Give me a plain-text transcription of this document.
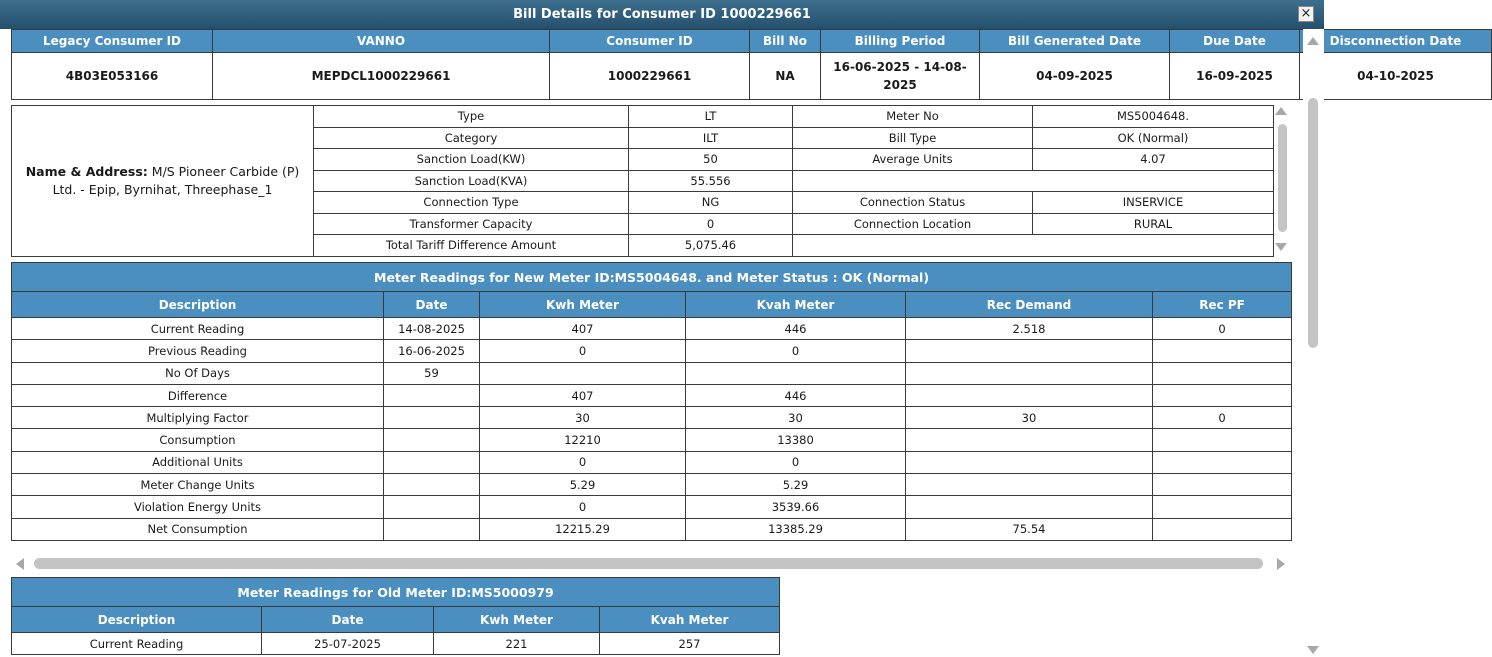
Bill Details for Consumer ID 1000229661	×
Legacy Consumer ID	VANNO	Consumer ID	Bill No	Billing Period	Bill Generated Date	Due Date	Disconnection Date
4B03E053166	MEPDCL1000229661	1000229661	NA	16-06-2025 - 14-08-2025	04-09-2025	16-09-2025	04-10-2025
Name & Address: M/S Pioneer Carbide (P) Ltd. - Epip, Byrnihat, Threephase_1	Type	LT	Meter No	MS5004648.
	Category	ILT	Bill Type	OK (Normal)
	Sanction Load(KW)	50	Average Units	4.07
	Sanction Load(KVA)	55.556		
	Connection Type	NG	Connection Status	INSERVICE
	Transformer Capacity	0	Connection Location	RURAL
	Total Tariff Difference Amount	5,075.46		
Meter Readings for New Meter ID:MS5004648. and Meter Status : OK (Normal)					
Description	Date	Kwh Meter	Kvah Meter	Rec Demand	Rec PF
Current Reading	14-08-2025	407	446	2.518	0
Previous Reading	16-06-2025	0	0		
No Of Days	59				
Difference		407	446		
Multiplying Factor		30	30	30	0
Consumption		12210	13380		
Additional Units		0	0		
Meter Change Units		5.29	5.29		
Violation Energy Units		0	3539.66		
Net Consumption		12215.29	13385.29	75.54	
Meter Readings for Old Meter ID:MS5000979			
Description	Date	Kwh Meter	Kvah Meter
Current Reading	25-07-2025	221	257
